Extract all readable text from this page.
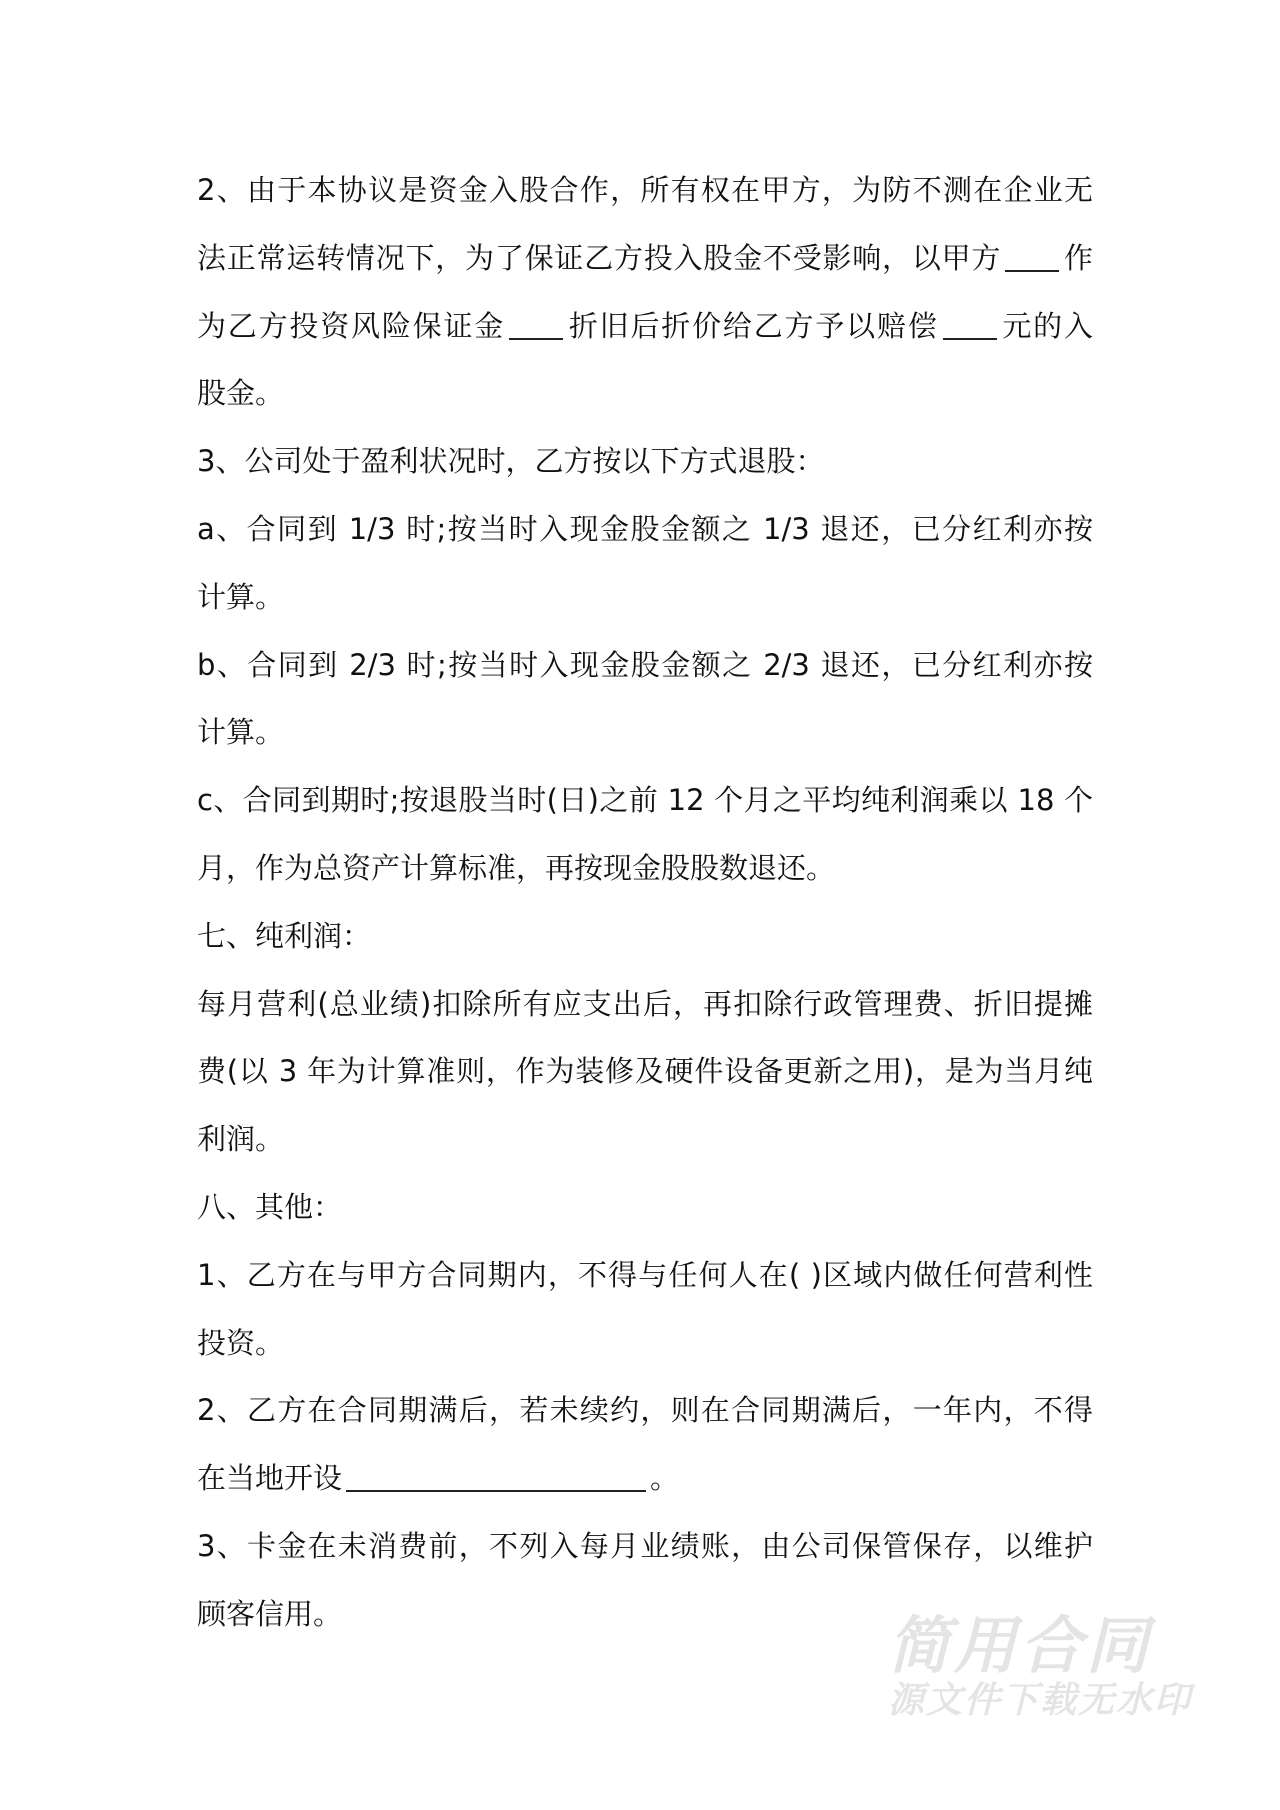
2、由于本协议是资金入股合作，所有权在甲方，为防不测在企业无
法正常运转情况下，为了保证乙方投入股金不受影响，以甲方 作
为乙方投资风险保证金 折旧后折价给乙方予以赔偿 元的入
股金。
3、公司处于盈利状况时，乙方按以下方式退股：
a、合同到 1/3 时;按当时入现金股金额之 1/3 退还，已分红利亦按
计算。
b、合同到 2/3 时;按当时入现金股金额之 2/3 退还，已分红利亦按
计算。
c、合同到期时;按退股当时(日)之前 12 个月之平均纯利润乘以 18 个
月，作为总资产计算标准，再按现金股股数退还。
七、纯利润：
每月营利(总业绩)扣除所有应支出后，再扣除行政管理费、折旧提摊
费(以 3 年为计算准则，作为装修及硬件设备更新之用)，是为当月纯
利润。
八、其他：
1、乙方在与甲方合同期内，不得与任何人在( )区域内做任何营利性
投资。
2、乙方在合同期满后，若未续约，则在合同期满后，一年内，不得
在当地开设	。
3、卡金在未消费前，不列入每月业绩账，由公司保管保存，以维护
顾客信用。	简用合同
源文件下载无水印
